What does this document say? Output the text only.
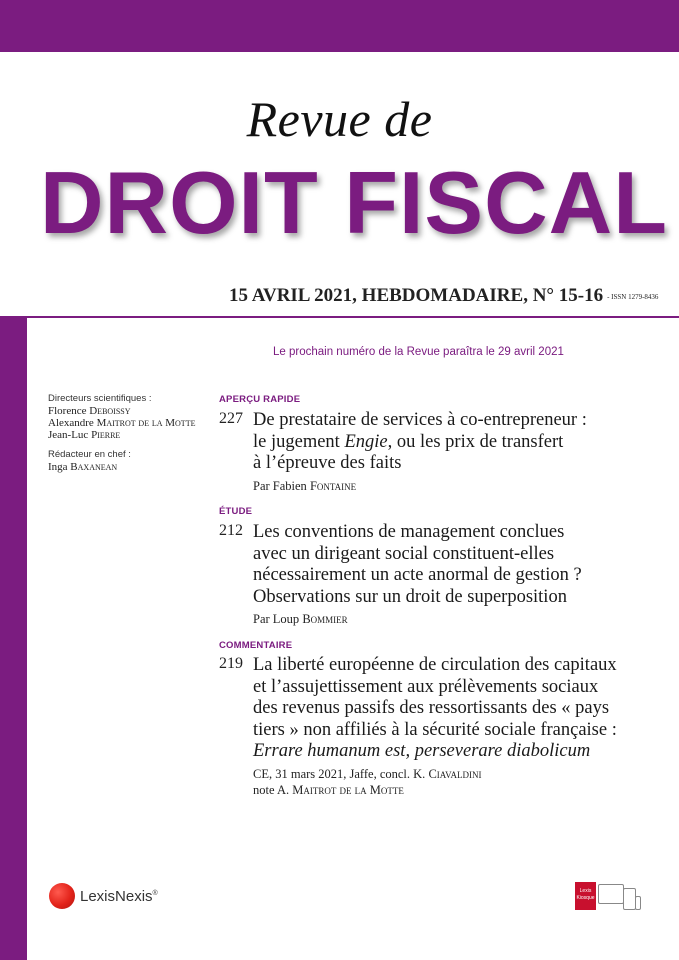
Revue de
DROIT FISCAL
15 AVRIL 2021, HEBDOMADAIRE, N° 15-16 - ISSN 1279-8436
Le prochain numéro de la Revue paraîtra le 29 avril 2021
Directeurs scientifiques :
Florence Deboissy
Alexandre Maitrot de la Motte
Jean-Luc Pierre
Rédacteur en chef :
Inga Baxanean
APERÇU RAPIDE
227 De prestataire de services à co-entrepreneur :
le jugement Engie, ou les prix de transfert
à l’épreuve des faits
Par Fabien Fontaine
ÉTUDE
212 Les conventions de management conclues
avec un dirigeant social constituent-elles
nécessairement un acte anormal de gestion ?
Observations sur un droit de superposition
Par Loup Bommier
COMMENTAIRE
219 La liberté européenne de circulation des capitaux
et l’assujettissement aux prélèvements sociaux
des revenus passifs des ressortissants des « pays
tiers » non affiliés à la sécurité sociale française :
Errare humanum est, perseverare diabolicum
CE, 31 mars 2021, Jaffe, concl. K. Ciavaldini
note A. Maitrot de la Motte
LexisNexis®	Lexis
Kiosque
